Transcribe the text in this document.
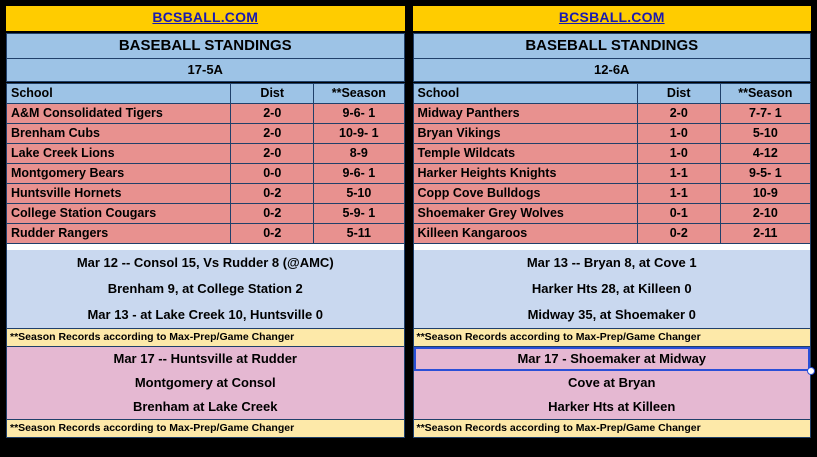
BCSBALL.COM
BASEBALL STANDINGS
17-5A
School	Dist	**Season
A&M Consolidated Tigers	2-0	9-6- 1
Brenham Cubs	2-0	10-9- 1
Lake Creek Lions	2-0	8-9
Montgomery Bears	0-0	9-6- 1
Huntsville Hornets	0-2	5-10
College Station Cougars	0-2	5-9- 1
Rudder Rangers	0-2	5-11
Mar 12 -- Consol 15, Vs Rudder 8 (@AMC)
Brenham 9, at College Station 2
Mar 13 - at Lake Creek 10, Huntsville 0
**Season Records according to Max-Prep/Game Changer
Mar 17 -- Huntsville at Rudder
Montgomery at Consol
Brenham at Lake Creek
**Season Records according to Max-Prep/Game Changer
BCSBALL.COM
BASEBALL STANDINGS
12-6A
School	Dist	**Season
Midway Panthers	2-0	7-7- 1
Bryan Vikings	1-0	5-10
Temple Wildcats	1-0	4-12
Harker Heights Knights	1-1	9-5- 1
Copp Cove Bulldogs	1-1	10-9
Shoemaker Grey Wolves	0-1	2-10
Killeen Kangaroos	0-2	2-11
Mar 13 -- Bryan 8, at Cove 1
Harker Hts 28, at Killeen 0
Midway 35, at Shoemaker 0
**Season Records according to Max-Prep/Game Changer
Mar 17 - Shoemaker at Midway
Cove at Bryan
Harker Hts at Killeen
**Season Records according to Max-Prep/Game Changer
